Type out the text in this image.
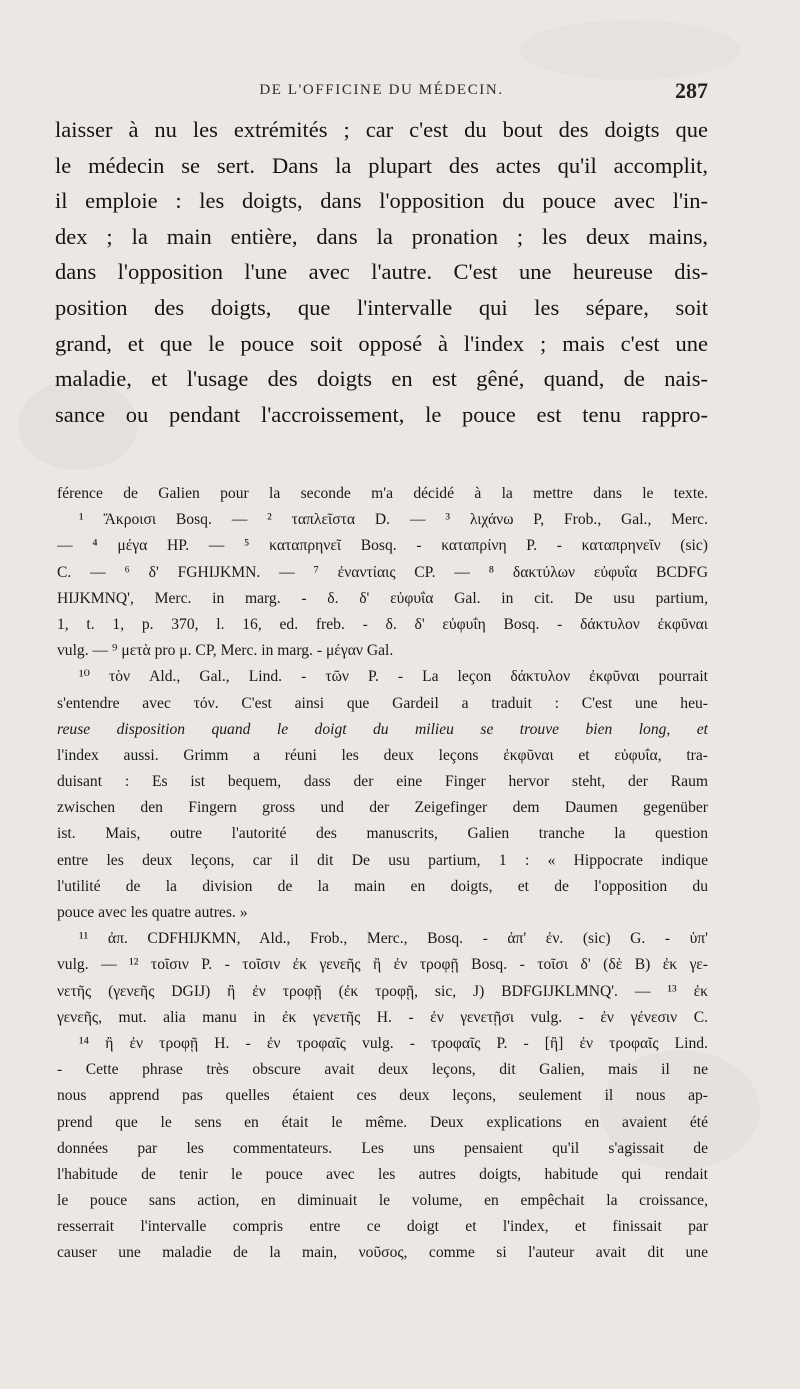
DE L'OFFICINE DU MÉDECIN.	287
laisser à nu les extrémités ; car c'est du bout des doigts que
le médecin se sert. Dans la plupart des actes qu'il accomplit,
il emploie : les doigts, dans l'opposition du pouce avec l'in-
dex ; la main entière, dans la pronation ; les deux mains,
dans l'opposition l'une avec l'autre. C'est une heureuse dis-
position des doigts, que l'intervalle qui les sépare, soit
grand, et que le pouce soit opposé à l'index ; mais c'est une
maladie, et l'usage des doigts en est gêné, quand, de nais-
sance ou pendant l'accroissement, le pouce est tenu rappro-
férence de Galien pour la seconde m'a décidé à la mettre dans le texte.
¹ Ἄκροισι Bosq. — ² ταπλεῖστα D. — ³ λιχάνω P, Frob., Gal., Merc.
— ⁴ μέγα HP. — ⁵ καταπρηνεῖ Bosq. - καταπρίνη P. - καταπρηνεῖν (sic)
C. — ⁶ δ' FGHIJKMN. — ⁷ ἐναντίαις CP. — ⁸ δακτύλων εὐφυΐα BCDFG
HIJKMNQ', Merc. in marg. - δ. δ' εὐφυΐα Gal. in cit. De usu partium,
1, t. 1, p. 370, l. 16, ed. freb. - δ. δ' εὐφυΐη Bosq. - δάκτυλον ἐκφῦναι
vulg. — ⁹ μετὰ pro μ. CP, Merc. in marg. - μέγαν Gal.
¹⁰ τὸν Ald., Gal., Lind. - τῶν P. - La leçon δάκτυλον ἐκφῦναι pourrait
s'entendre avec τόν. C'est ainsi que Gardeil a traduit : C'est une heu-
reuse disposition quand le doigt du milieu se trouve bien long, et
l'index aussi. Grimm a réuni les deux leçons ἐκφῦναι et εὐφυΐα, tra-
duisant : Es ist bequem, dass der eine Finger hervor steht, der Raum
zwischen den Fingern gross und der Zeigefinger dem Daumen gegenüber
ist. Mais, outre l'autorité des manuscrits, Galien tranche la question
entre les deux leçons, car il dit De usu partium, 1 : « Hippocrate indique
l'utilité de la division de la main en doigts, et de l'opposition du
pouce avec les quatre autres. »
¹¹ ἀπ. CDFHIJKMN, Ald., Frob., Merc., Bosq. - ἀπ' ἐν. (sic) G. - ὑπ'
vulg. — ¹² τοῖσιν P. - τοῖσιν ἐκ γενεῆς ἢ ἐν τροφῇ Bosq. - τοῖσι δ' (δὲ B) ἐκ γε-
νετῆς (γενεῆς DGIJ) ἢ ἐν τροφῇ (ἐκ τροφῇ, sic, J) BDFGIJKLMNQ'. — ¹³ ἐκ
γενεῆς, mut. alia manu in ἐκ γενετῆς H. - ἐν γενετῇσι vulg. - ἐν γένεσιν C.
¹⁴ ἢ ἐν τροφῇ H. - ἐν τροφαῖς vulg. - τροφαῖς P. - [ἢ] ἐν τροφαῖς Lind.
- Cette phrase très obscure avait deux leçons, dit Galien, mais il ne
nous apprend pas quelles étaient ces deux leçons, seulement il nous ap-
prend que le sens en était le même. Deux explications en avaient été
données par les commentateurs. Les uns pensaient qu'il s'agissait de
l'habitude de tenir le pouce avec les autres doigts, habitude qui rendait
le pouce sans action, en diminuait le volume, en empêchait la croissance,
resserrait l'intervalle compris entre ce doigt et l'index, et finissait par
causer une maladie de la main, νοῦσος, comme si l'auteur avait dit une
